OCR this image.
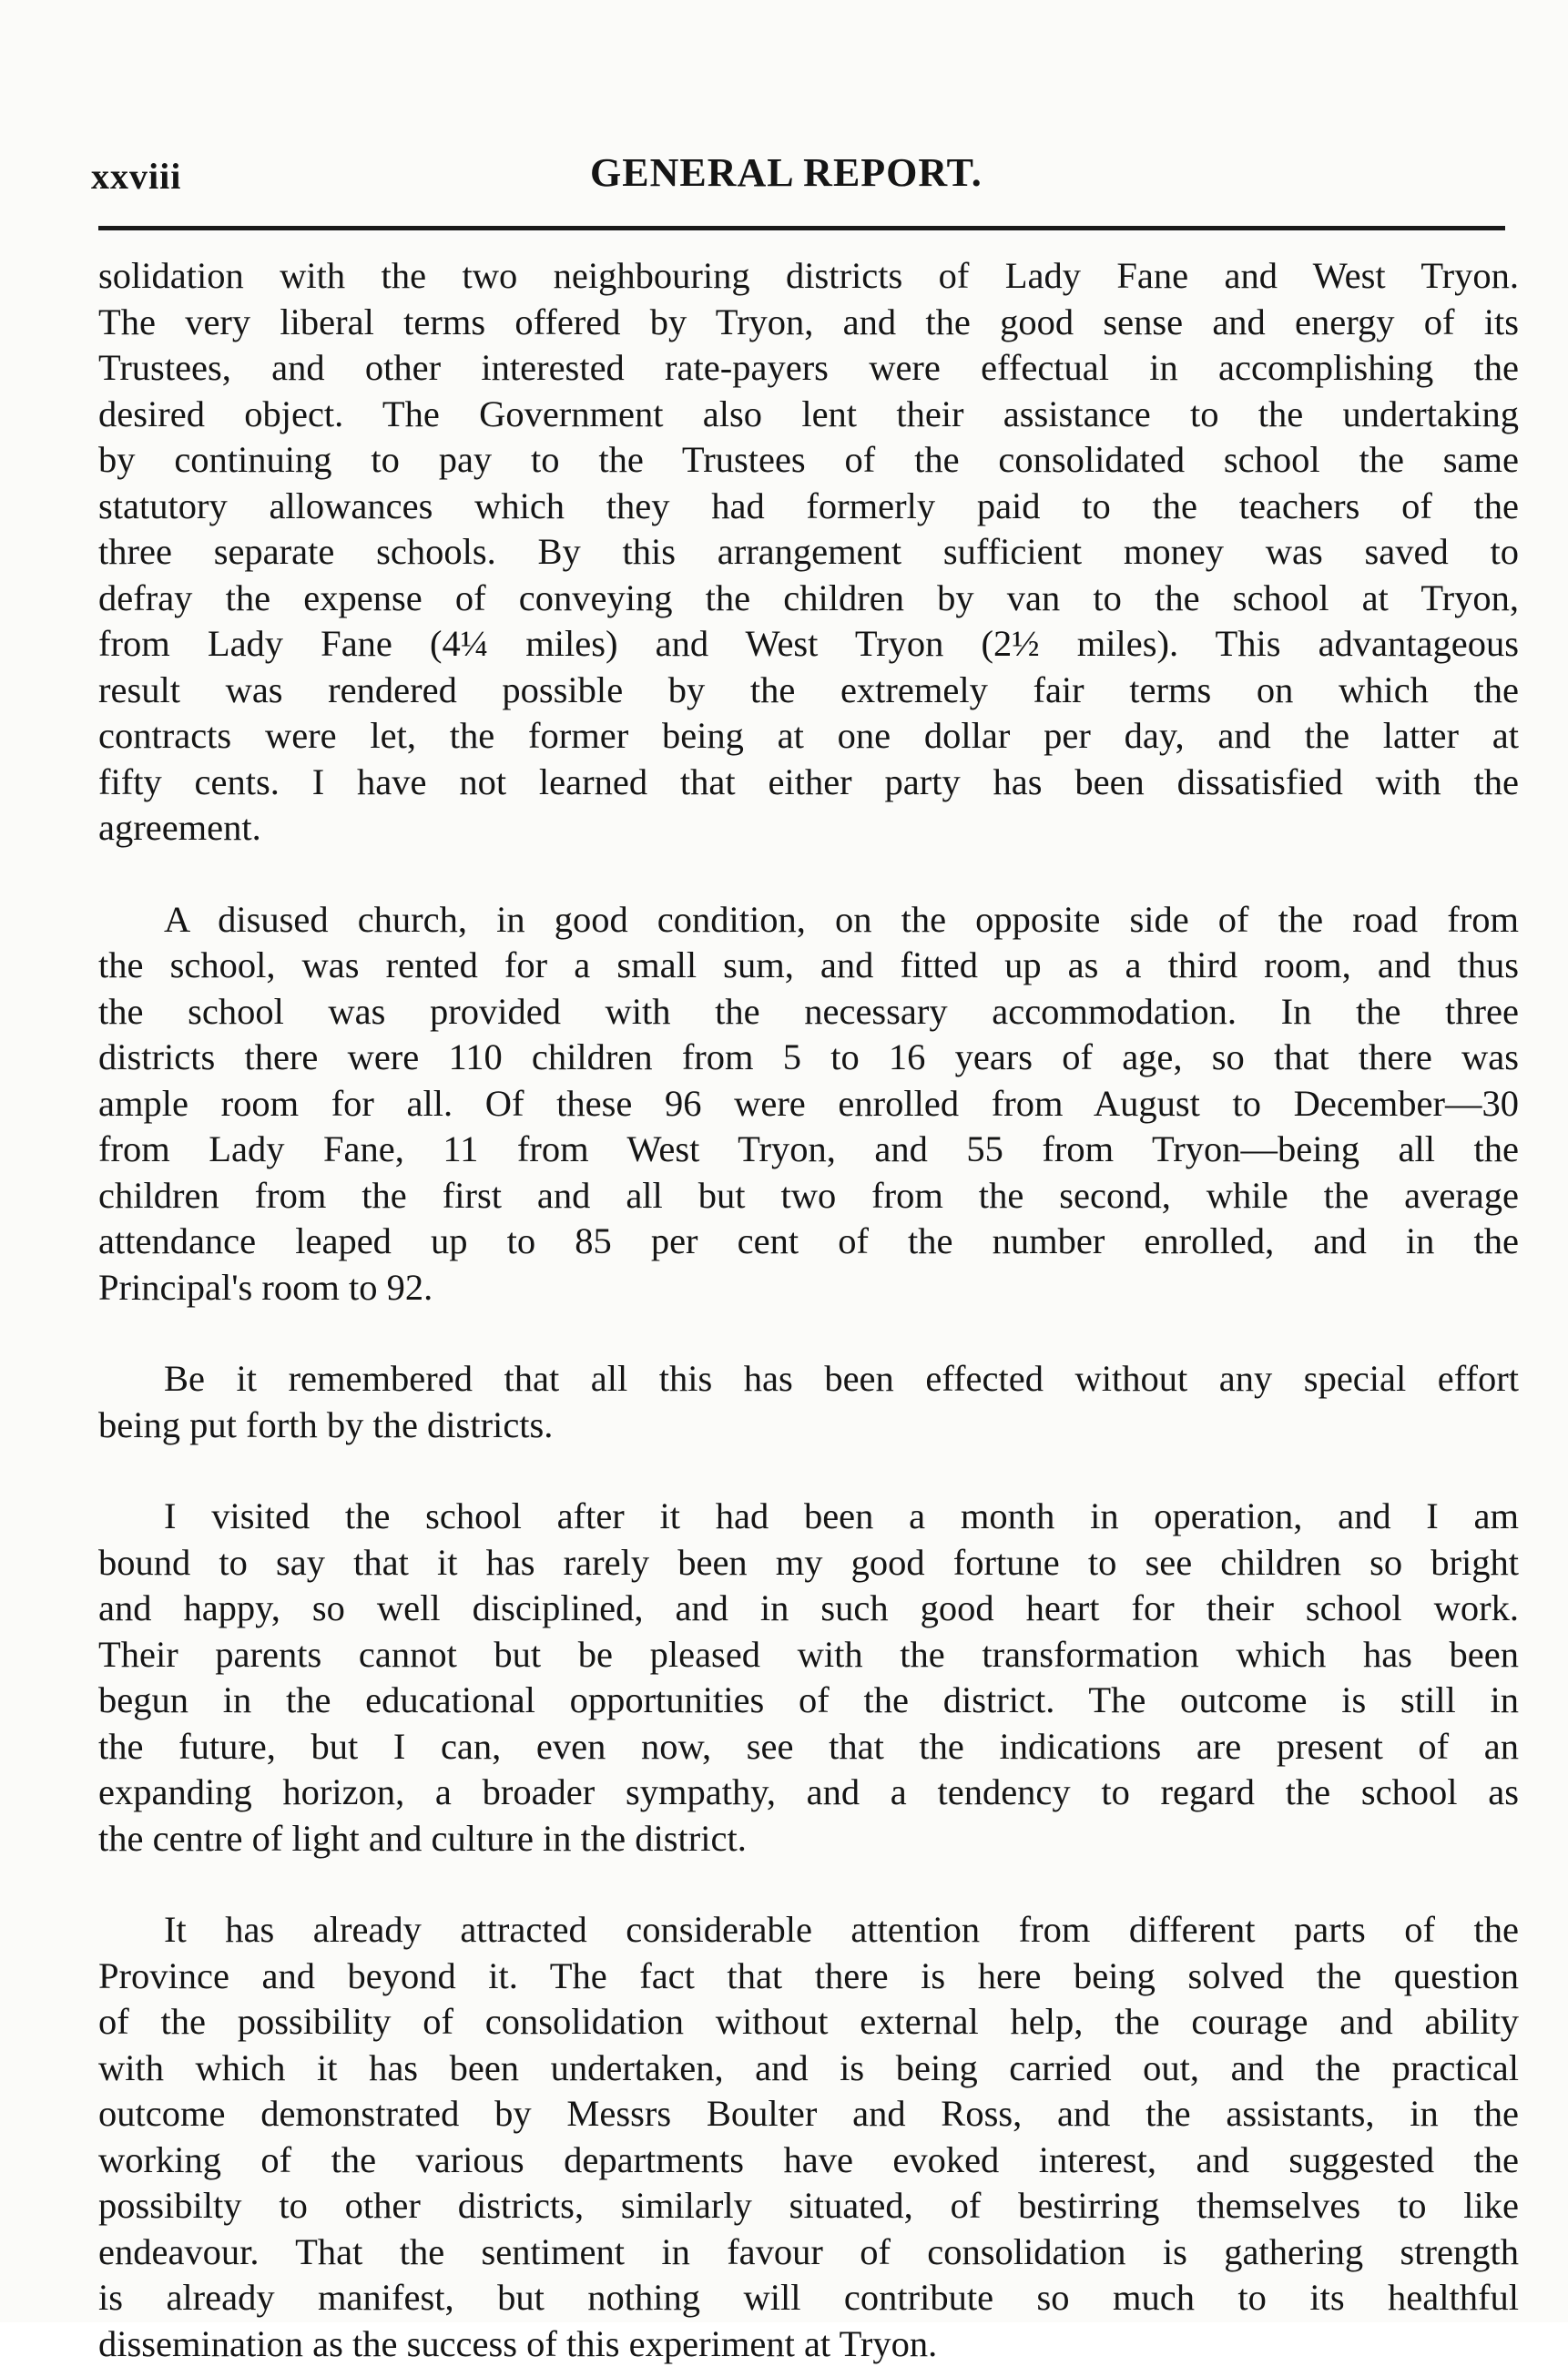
xxviii	GENERAL REPORT.

solidation with the two neighbouring districts of Lady Fane and West Tryon.
The very liberal terms offered by Tryon, and the good sense and energy of its
Trustees, and other interested rate-payers were effectual in accomplishing the
desired object. The Government also lent their assistance to the undertaking
by continuing to pay to the Trustees of the consolidated school the same
statutory allowances which they had formerly paid to the teachers of the
three separate schools. By this arrangement sufficient money was saved to
defray the expense of conveying the children by van to the school at Tryon,
from Lady Fane (4¼ miles) and West Tryon (2½ miles). This advantageous
result was rendered possible by the extremely fair terms on which the
contracts were let, the former being at one dollar per day, and the latter at
fifty cents. I have not learned that either party has been dissatisfied with the
agreement.

A disused church, in good condition, on the opposite side of the road from
the school, was rented for a small sum, and fitted up as a third room, and thus
the school was provided with the necessary accommodation. In the three
districts there were 110 children from 5 to 16 years of age, so that there was
ample room for all. Of these 96 were enrolled from August to December—30
from Lady Fane, 11 from West Tryon, and 55 from Tryon—being all the
children from the first and all but two from the second, while the average
attendance leaped up to 85 per cent of the number enrolled, and in the
Principal's room to 92.

Be it remembered that all this has been effected without any special effort
being put forth by the districts.

I visited the school after it had been a month in operation, and I am
bound to say that it has rarely been my good fortune to see children so bright
and happy, so well disciplined, and in such good heart for their school work.
Their parents cannot but be pleased with the transformation which has been
begun in the educational opportunities of the district. The outcome is still in
the future, but I can, even now, see that the indications are present of an
expanding horizon, a broader sympathy, and a tendency to regard the school as
the centre of light and culture in the district.

It has already attracted considerable attention from different parts of the
Province and beyond it. The fact that there is here being solved the question
of the possibility of consolidation without external help, the courage and ability
with which it has been undertaken, and is being carried out, and the practical
outcome demonstrated by Messrs Boulter and Ross, and the assistants, in the
working of the various departments have evoked interest, and suggested the
possibilty to other districts, similarly situated, of bestirring themselves to like
endeavour. That the sentiment in favour of consolidation is gathering strength
is already manifest, but nothing will contribute so much to its healthful
dissemination as the success of this experiment at Tryon.
